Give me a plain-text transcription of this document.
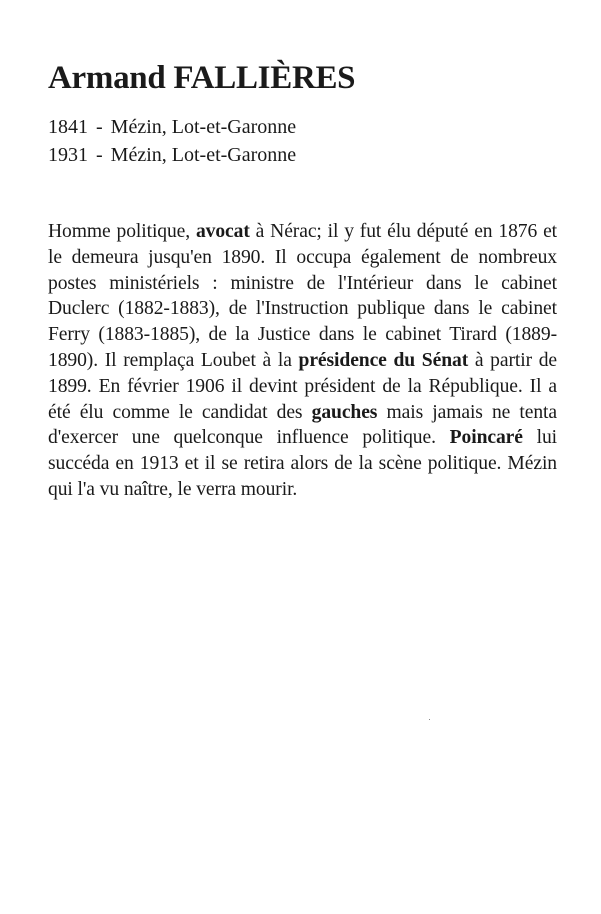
Armand FALLIÈRES
1841 - Mézin, Lot-et-Garonne
1931 - Mézin, Lot-et-Garonne

Homme politique, avocat à Nérac; il y fut élu député en 1876 et le demeura jusqu'en 1890. Il occupa également de nombreux postes ministériels : ministre de l'Intérieur dans le cabinet Duclerc (1882-1883), de l'Instruction publique dans le cabinet Ferry (1883-1885), de la Justice dans le cabinet Tirard (1889-1890). Il remplaça Loubet à la présidence du Sénat à partir de 1899. En février 1906 il devint président de la République. Il a été élu comme le candidat des gauches mais jamais ne tenta d'exercer une quelconque influence politique. Poincaré lui succéda en 1913 et il se retira alors de la scène politique. Mézin qui l'a vu naître, le verra mourir.
